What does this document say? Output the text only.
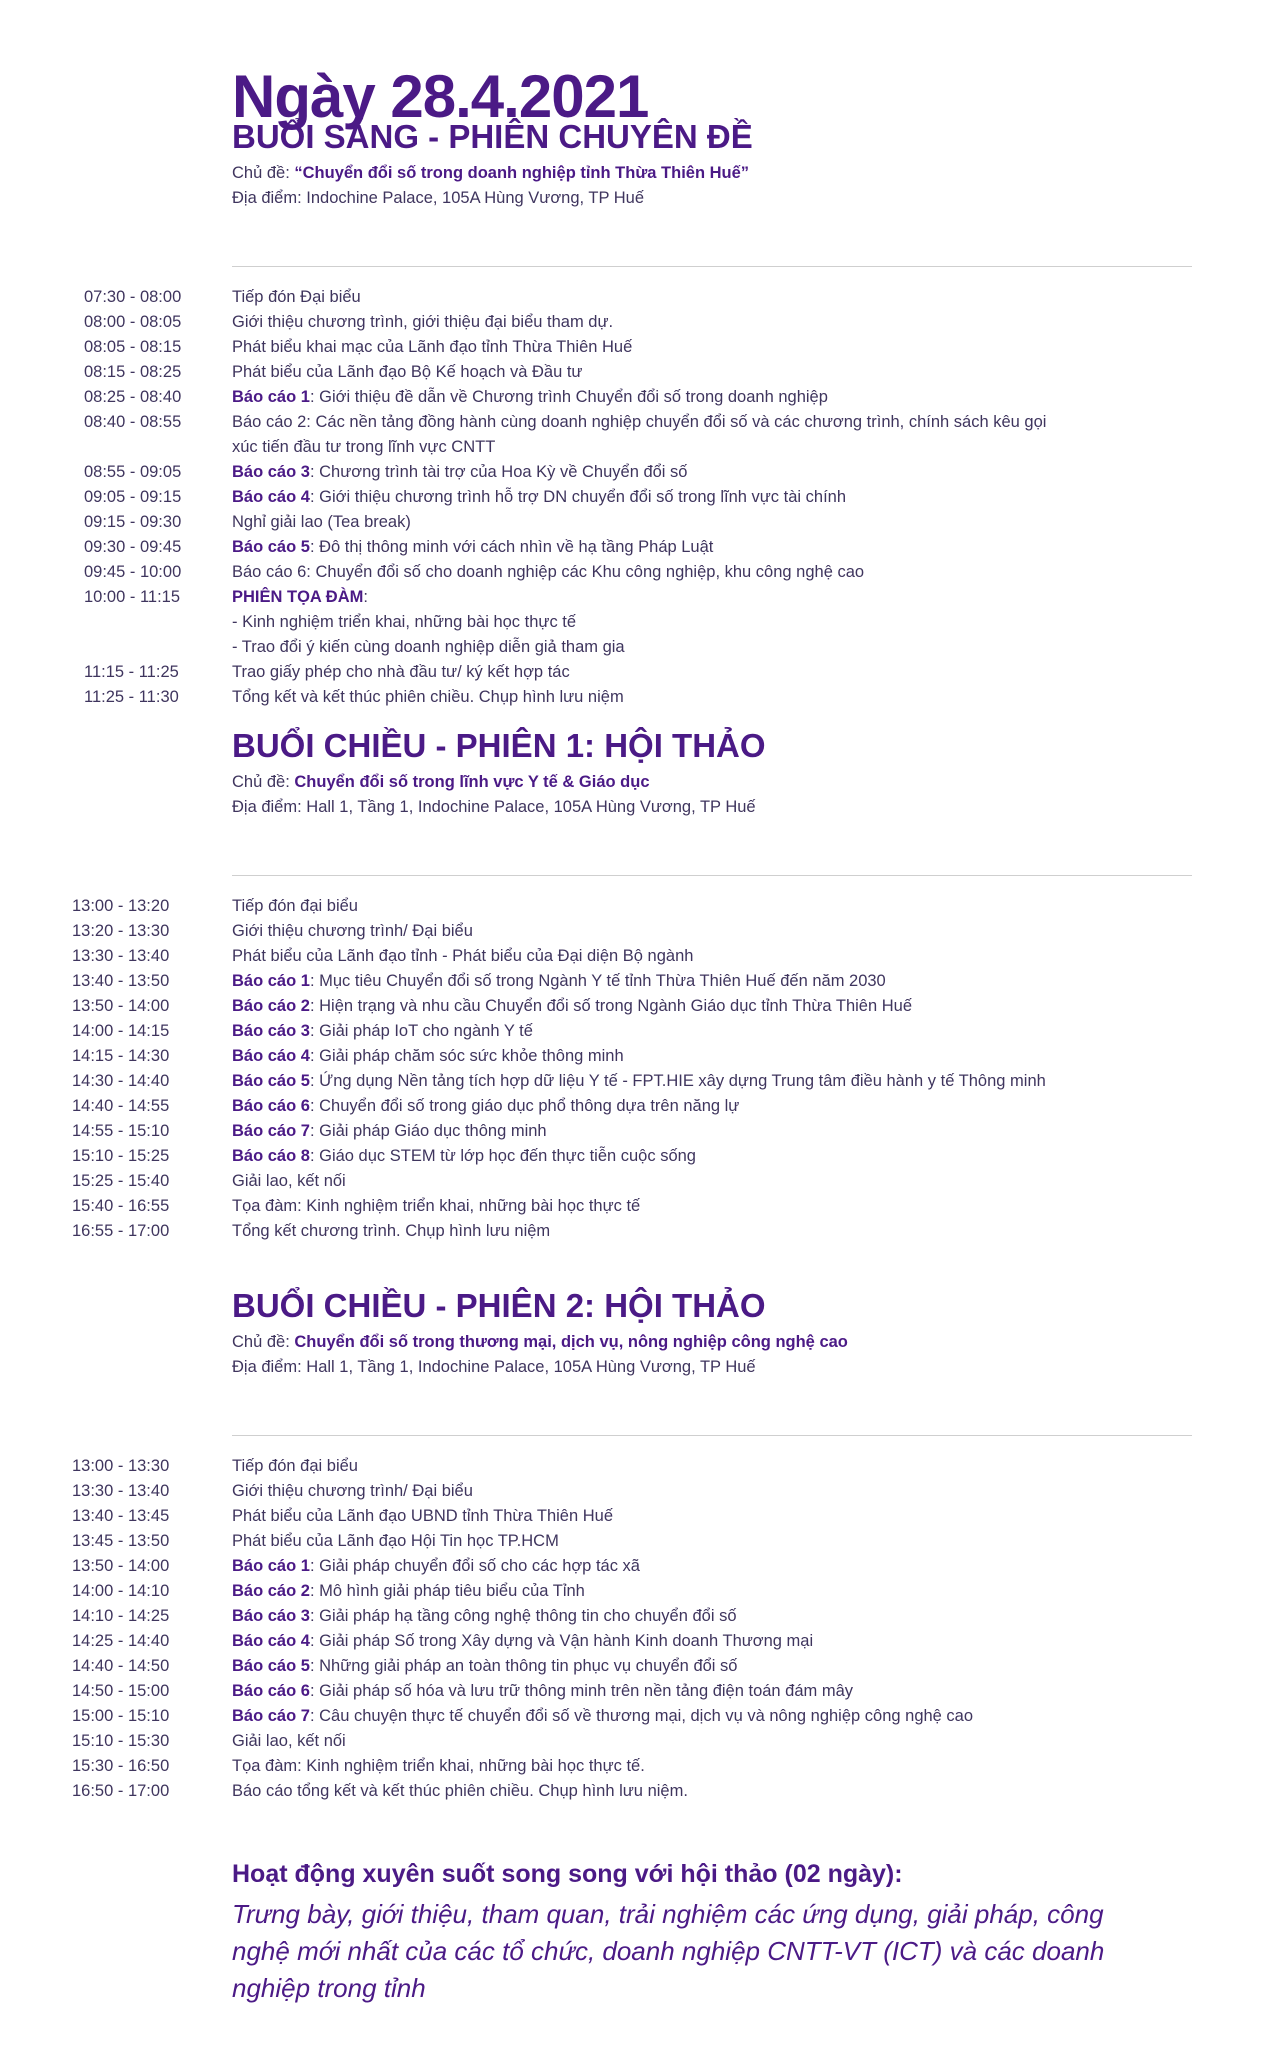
Ngày 28.4.2021
BUỔI SÁNG - PHIÊN CHUYÊN ĐỀ
Chủ đề: “Chuyển đổi số trong doanh nghiệp tỉnh Thừa Thiên Huế”
Địa điểm: Indochine Palace, 105A Hùng Vương, TP Huế
07:30 - 08:00	Tiếp đón Đại biểu
08:00 - 08:05	Giới thiệu chương trình, giới thiệu đại biểu tham dự.
08:05 - 08:15	Phát biểu khai mạc của Lãnh đạo tỉnh Thừa Thiên Huế
08:15 - 08:25	Phát biểu của Lãnh đạo Bộ Kế hoạch và Đầu tư
08:25 - 08:40	Báo cáo 1: Giới thiệu đề dẫn về Chương trình Chuyển đổi số trong doanh nghiệp
08:40 - 08:55	Báo cáo 2: Các nền tảng đồng hành cùng doanh nghiệp chuyển đổi số và các chương trình, chính sách kêu gọi
xúc tiến đầu tư trong lĩnh vực CNTT
08:55 - 09:05	Báo cáo 3: Chương trình tài trợ của Hoa Kỳ về Chuyển đổi số
09:05 - 09:15	Báo cáo 4: Giới thiệu chương trình hỗ trợ DN chuyển đổi số trong lĩnh vực tài chính
09:15 - 09:30	Nghỉ giải lao (Tea break)
09:30 - 09:45	Báo cáo 5: Đô thị thông minh với cách nhìn về hạ tầng Pháp Luật
09:45 - 10:00	Báo cáo 6: Chuyển đổi số cho doanh nghiệp các Khu công nghiệp, khu công nghệ cao
10:00 - 11:15	PHIÊN TỌA ĐÀM:
- Kinh nghiệm triển khai, những bài học thực tế
- Trao đổi ý kiến cùng doanh nghiệp diễn giả tham gia
11:15 - 11:25	Trao giấy phép cho nhà đầu tư/ ký kết hợp tác
11:25 - 11:30	Tổng kết và kết thúc phiên chiều. Chụp hình lưu niệm
BUỔI CHIỀU - PHIÊN 1: HỘI THẢO
Chủ đề: Chuyển đổi số trong lĩnh vực Y tế & Giáo dục
Địa điểm: Hall 1, Tầng 1, Indochine Palace, 105A Hùng Vương, TP Huế
13:00 - 13:20	Tiếp đón đại biểu
13:20 - 13:30	Giới thiệu chương trình/ Đại biểu
13:30 - 13:40	Phát biểu của Lãnh đạo tỉnh - Phát biểu của Đại diện Bộ ngành
13:40 - 13:50	Báo cáo 1: Mục tiêu Chuyển đổi số trong Ngành Y tế tỉnh Thừa Thiên Huế đến năm 2030
13:50 - 14:00	Báo cáo 2: Hiện trạng và nhu cầu Chuyển đổi số trong Ngành Giáo dục tỉnh Thừa Thiên Huế
14:00 - 14:15	Báo cáo 3: Giải pháp IoT cho ngành Y tế
14:15 - 14:30	Báo cáo 4: Giải pháp chăm sóc sức khỏe thông minh
14:30 - 14:40	Báo cáo 5: Ứng dụng Nền tảng tích hợp dữ liệu Y tế - FPT.HIE xây dựng Trung tâm điều hành y tế Thông minh
14:40 - 14:55	Báo cáo 6: Chuyển đổi số trong giáo dục phổ thông dựa trên năng lự
14:55 - 15:10	Báo cáo 7: Giải pháp Giáo dục thông minh
15:10 - 15:25	Báo cáo 8: Giáo dục STEM từ lớp học đến thực tiễn cuộc sống
15:25 - 15:40	Giải lao, kết nối
15:40 - 16:55	Tọa đàm: Kinh nghiệm triển khai, những bài học thực tế
16:55 - 17:00	Tổng kết chương trình. Chụp hình lưu niệm
BUỔI CHIỀU - PHIÊN 2: HỘI THẢO
Chủ đề: Chuyển đổi số trong thương mại, dịch vụ, nông nghiệp công nghệ cao
Địa điểm: Hall 1, Tầng 1, Indochine Palace, 105A Hùng Vương, TP Huế
13:00 - 13:30	Tiếp đón đại biểu
13:30 - 13:40	Giới thiệu chương trình/ Đại biểu
13:40 - 13:45	Phát biểu của Lãnh đạo UBND tỉnh Thừa Thiên Huế
13:45 - 13:50	Phát biểu của Lãnh đạo Hội Tin học TP.HCM
13:50 - 14:00	Báo cáo 1: Giải pháp chuyển đổi số cho các hợp tác xã
14:00 - 14:10	Báo cáo 2: Mô hình giải pháp tiêu biểu của Tỉnh
14:10 - 14:25	Báo cáo 3: Giải pháp hạ tầng công nghệ thông tin cho chuyển đổi số
14:25 - 14:40	Báo cáo 4: Giải pháp Số trong Xây dựng và Vận hành Kinh doanh Thương mại
14:40 - 14:50	Báo cáo 5: Những giải pháp an toàn thông tin phục vụ chuyển đổi số
14:50 - 15:00	Báo cáo 6: Giải pháp số hóa và lưu trữ thông minh trên nền tảng điện toán đám mây
15:00 - 15:10	Báo cáo 7: Câu chuyện thực tế chuyển đổi số về thương mại, dịch vụ và nông nghiệp công nghệ cao
15:10 - 15:30	Giải lao, kết nối
15:30 - 16:50	Tọa đàm: Kinh nghiệm triển khai, những bài học thực tế.
16:50 - 17:00	Báo cáo tổng kết và kết thúc phiên chiều. Chụp hình lưu niệm.
Hoạt động xuyên suốt song song với hội thảo (02 ngày):

Trưng bày, giới thiệu, tham quan, trải nghiệm các ứng dụng, giải pháp, công nghệ mới nhất của các tổ chức, doanh nghiệp CNTT-VT (ICT) và các doanh nghiệp trong tỉnh
